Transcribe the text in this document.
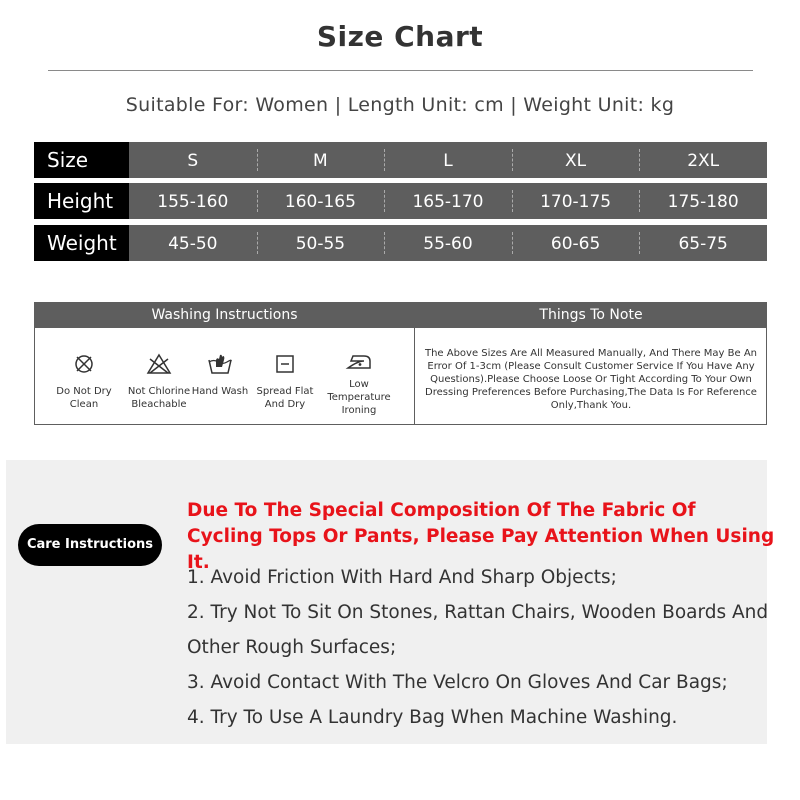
Size Chart
Suitable For: Women | Length Unit: cm | Weight Unit: kg
Size	S	M	L	XL	2XL
Height	155-160	160-165	165-170	170-175	175-180
Weight	45-50	50-55	55-60	60-65	65-75
Washing Instructions	Things To Note
Do Not Dry Clean
Not Chlorine Bleachable
Hand Wash Spread Flat And Dry
Low Temperature Ironing
The Above Sizes Are All Measured Manually, And There May Be An Error Of 1-3cm (Please Consult Customer Service If You Have Any Questions).Please Choose Loose Or Tight According To Your Own Dressing Preferences Before Purchasing,The Data Is For Reference Only,Thank You.
Care Instructions
Due To The Special Composition Of The Fabric Of Cycling Tops Or Pants, Please Pay Attention When Using It.

1. Avoid Friction With Hard And Sharp Objects;

2. Try Not To Sit On Stones, Rattan Chairs, Wooden Boards And Other Rough Surfaces;

3. Avoid Contact With The Velcro On Gloves And Car Bags;

4. Try To Use A Laundry Bag When Machine Washing.
